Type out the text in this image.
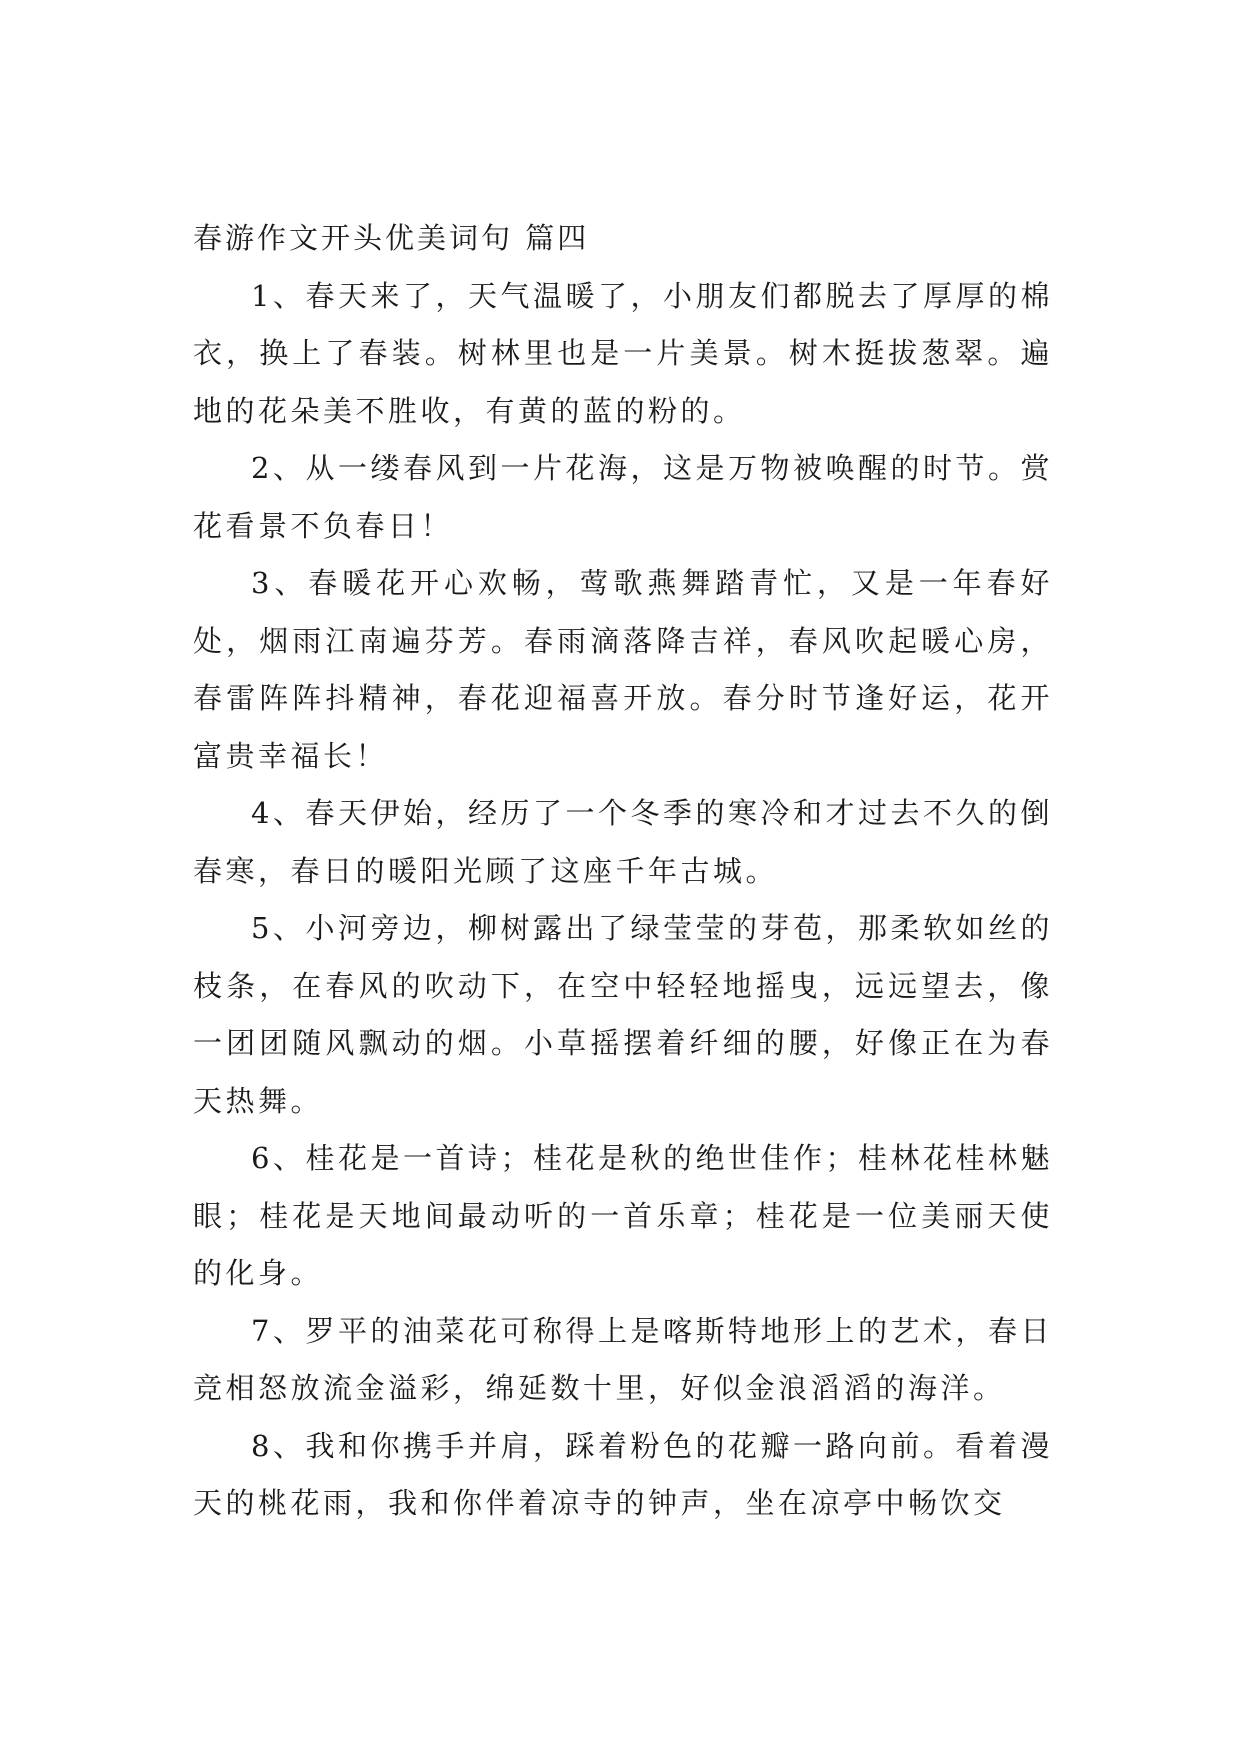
春游作文开头优美词句 篇四

1、春天来了，天气温暖了，小朋友们都脱去了厚厚的棉衣，换上了春装。树林里也是一片美景。树木挺拔葱翠。遍地的花朵美不胜收，有黄的蓝的粉的。

2、从一缕春风到一片花海，这是万物被唤醒的时节。赏花看景不负春日！

3、春暖花开心欢畅，莺歌燕舞踏青忙，又是一年春好处，烟雨江南遍芬芳。春雨滴落降吉祥，春风吹起暖心房，春雷阵阵抖精神，春花迎福喜开放。春分时节逢好运，花开富贵幸福长！

4、春天伊始，经历了一个冬季的寒冷和才过去不久的倒春寒，春日的暖阳光顾了这座千年古城。

5、小河旁边，柳树露出了绿莹莹的芽苞，那柔软如丝的枝条，在春风的吹动下，在空中轻轻地摇曳，远远望去，像一团团随风飘动的烟。小草摇摆着纤细的腰，好像正在为春天热舞。

6、桂花是一首诗；桂花是秋的绝世佳作；桂林花桂林魅眼；桂花是天地间最动听的一首乐章；桂花是一位美丽天使的化身。

7、罗平的油菜花可称得上是喀斯特地形上的艺术，春日竞相怒放流金溢彩，绵延数十里，好似金浪滔滔的海洋。

8、我和你携手并肩，踩着粉色的花瓣一路向前。看着漫天的桃花雨，我和你伴着凉寺的钟声，坐在凉亭中畅饮交
